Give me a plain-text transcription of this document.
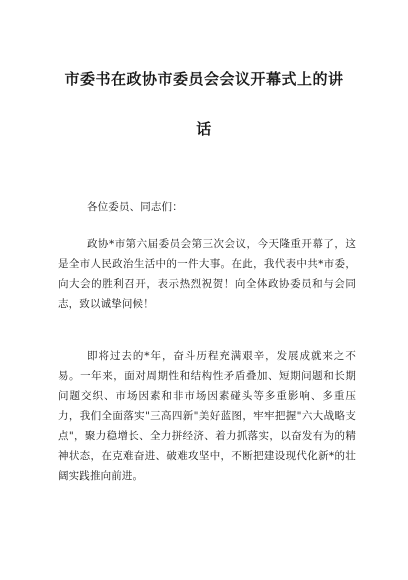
市委书在政协市委员会会议开幕式上的讲
话

各位委员、同志们：

政协*市第六届委员会第三次会议，今天隆重开幕了，这是全市人民政治生活中的一件大事。在此，我代表中共*市委，向大会的胜利召开，表示热烈祝贺！向全体政协委员和与会同志，致以诚挚问候！

即将过去的*年，奋斗历程充满艰辛，发展成就来之不易。一年来，面对周期性和结构性矛盾叠加、短期问题和长期问题交织、市场因素和非市场因素碰头等多重影响、多重压力，我们全面落实"三高四新"美好蓝图，牢牢把握"六大战略支点"，聚力稳增长、全力拼经济、着力抓落实，以奋发有为的精神状态，在克难奋进、破难攻坚中，不断把建设现代化新*的壮阔实践推向前进。
